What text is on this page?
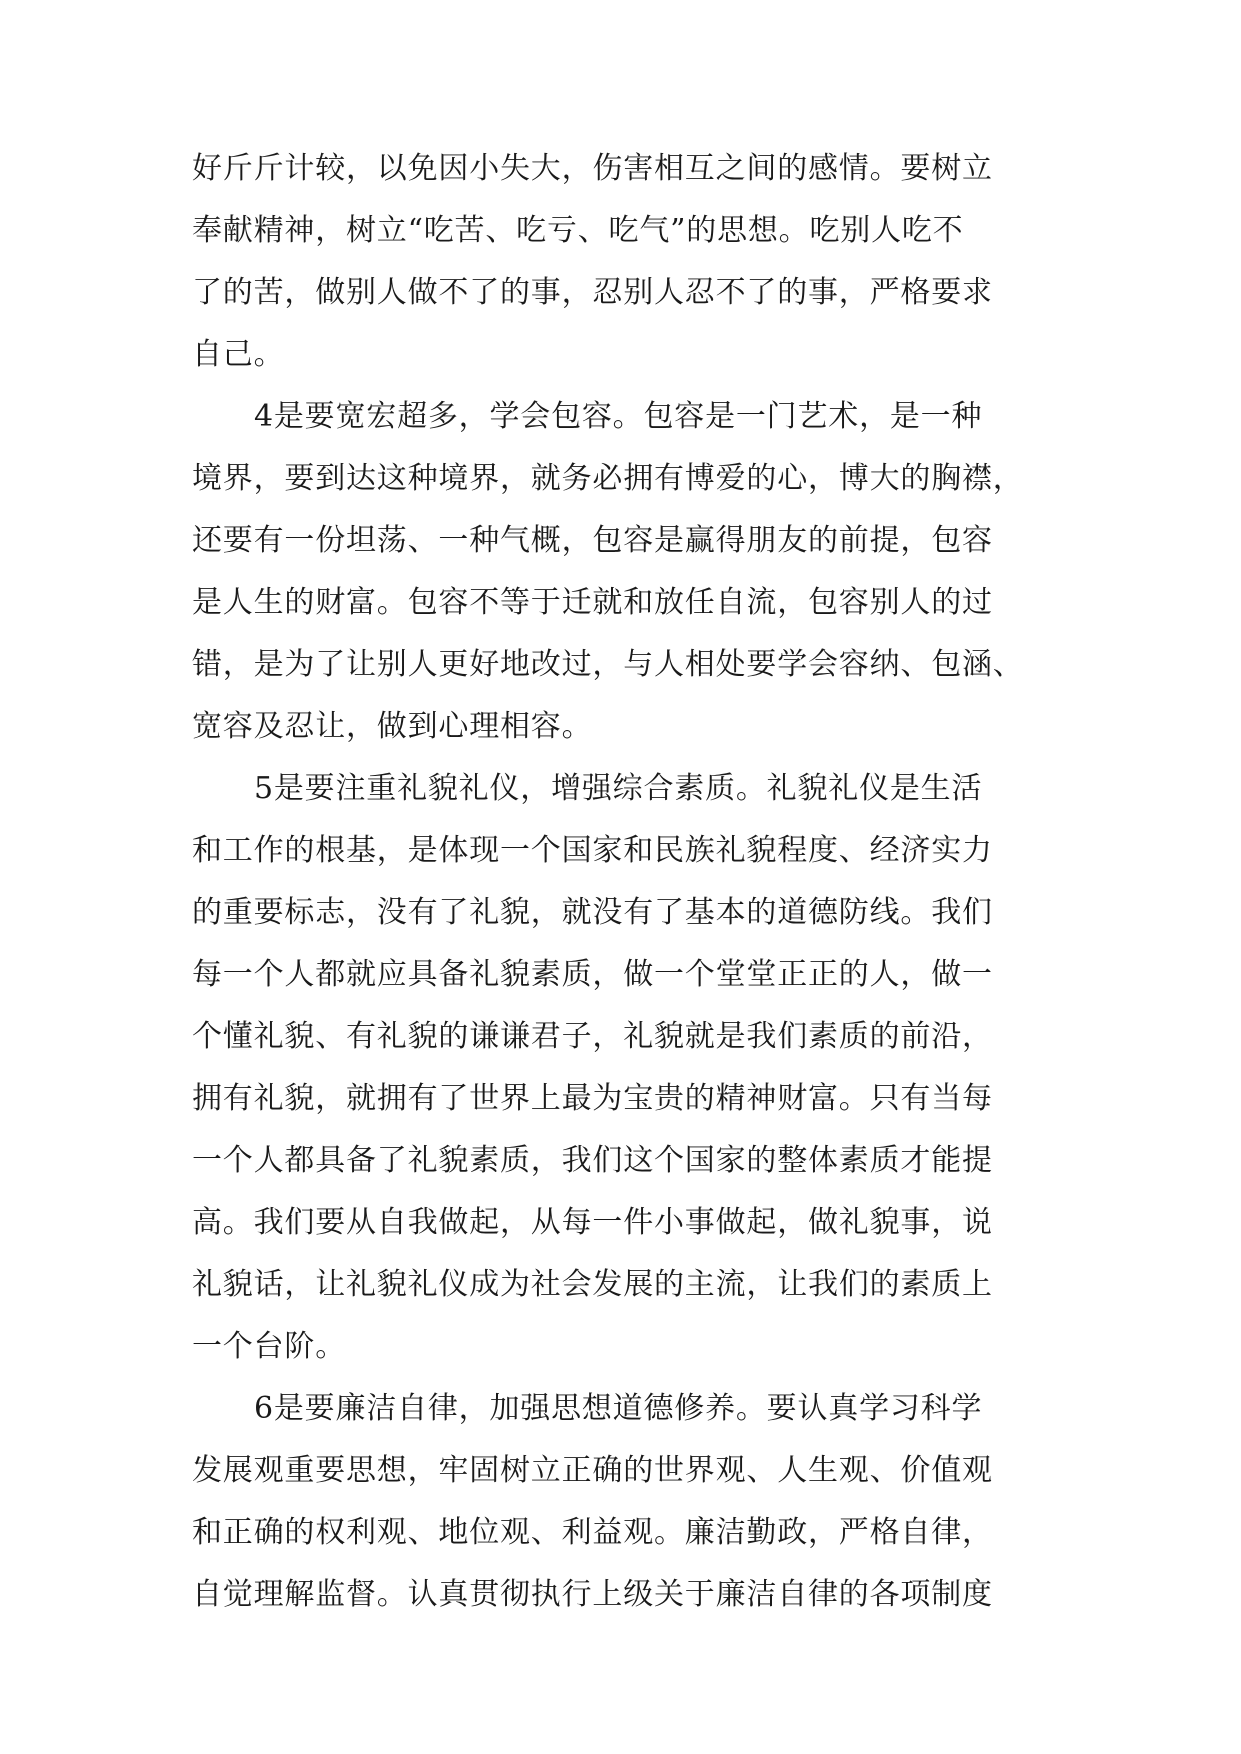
好斤斤计较，以免因小失大，伤害相互之间的感情。要树立
奉献精神，树立“吃苦、吃亏、吃气”的思想。吃别人吃不
了的苦，做别人做不了的事，忍别人忍不了的事，严格要求
自己。
4是要宽宏超多，学会包容。包容是一门艺术，是一种
境界，要到达这种境界，就务必拥有博爱的心，博大的胸襟，
还要有一份坦荡、一种气概，包容是赢得朋友的前提，包容
是人生的财富。包容不等于迁就和放任自流，包容别人的过
错，是为了让别人更好地改过，与人相处要学会容纳、包涵、
宽容及忍让，做到心理相容。
5是要注重礼貌礼仪，增强综合素质。礼貌礼仪是生活
和工作的根基，是体现一个国家和民族礼貌程度、经济实力
的重要标志，没有了礼貌，就没有了基本的道德防线。我们
每一个人都就应具备礼貌素质，做一个堂堂正正的人，做一
个懂礼貌、有礼貌的谦谦君子，礼貌就是我们素质的前沿，
拥有礼貌，就拥有了世界上最为宝贵的精神财富。只有当每
一个人都具备了礼貌素质，我们这个国家的整体素质才能提
高。我们要从自我做起，从每一件小事做起，做礼貌事，说
礼貌话，让礼貌礼仪成为社会发展的主流，让我们的素质上
一个台阶。
6是要廉洁自律，加强思想道德修养。要认真学习科学
发展观重要思想，牢固树立正确的世界观、人生观、价值观
和正确的权利观、地位观、利益观。廉洁勤政，严格自律，
自觉理解监督。认真贯彻执行上级关于廉洁自律的各项制度
